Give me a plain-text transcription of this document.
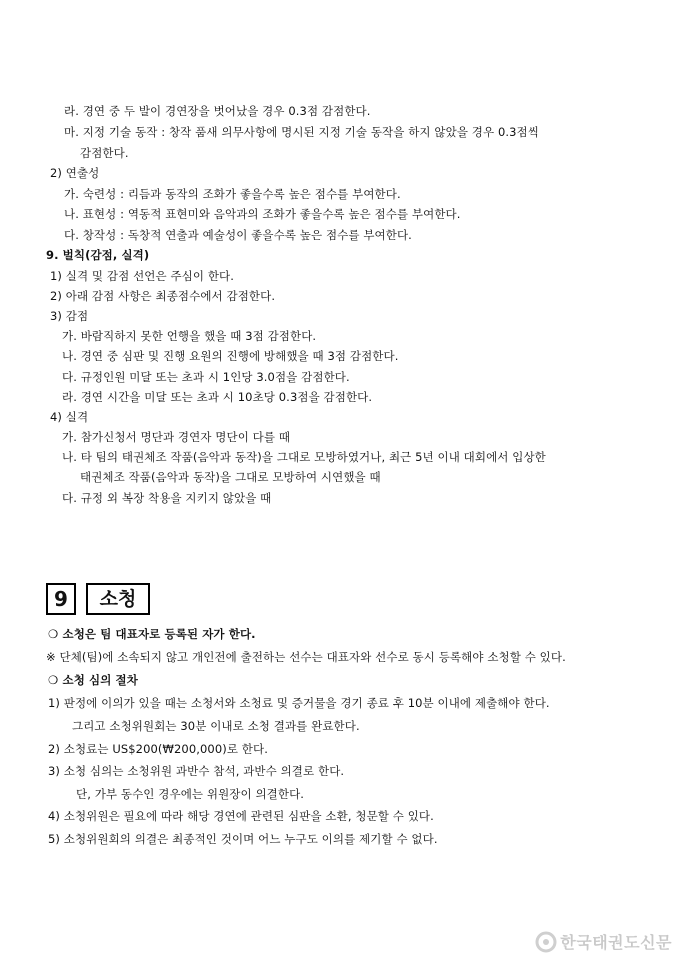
라. 경연 중 두 발이 경연장을 벗어났을 경우 0.3점 감점한다.
마. 지정 기술 동작 : 창작 품새 의무사항에 명시된 지정 기술 동작을 하지 않았을 경우 0.3점씩
감점한다.
2) 연출성
가. 숙련성 : 리듬과 동작의 조화가 좋을수록 높은 점수를 부여한다.
나. 표현성 : 역동적 표현미와 음악과의 조화가 좋을수록 높은 점수를 부여한다.
다. 창작성 : 독창적 연출과 예술성이 좋을수록 높은 점수를 부여한다.
9. 벌칙(감점, 실격)
1) 실격 및 감점 선언은 주심이 한다.
2) 아래 감점 사항은 최종점수에서 감점한다.
3) 감점
가. 바람직하지 못한 언행을 했을 때 3점 감점한다.
나. 경연 중 심판 및 진행 요원의 진행에 방해했을 때 3점 감점한다.
다. 규정인원 미달 또는 초과 시 1인당 3.0점을 감점한다.
라. 경연 시간을 미달 또는 초과 시 10초당 0.3점을 감점한다.
4) 실격
가. 참가신청서 명단과 경연자 명단이 다를 때
나. 타 팀의 태권체조 작품(음악과 동작)을 그대로 모방하였거나, 최근 5년 이내 대회에서 입상한
태권체조 작품(음악과 동작)을 그대로 모방하여 시연했을 때
다. 규정 외 복장 착용을 지키지 않았을 때
9	소청
❍ 소청은 팀 대표자로 등록된 자가 한다.
※ 단체(팀)에 소속되지 않고 개인전에 출전하는 선수는 대표자와 선수로 동시 등록해야 소청할 수 있다.
❍ 소청 심의 절차
1) 판정에 이의가 있을 때는 소청서와 소청료 및 증거물을 경기 종료 후 10분 이내에 제출해야 한다.
그리고 소청위원회는 30분 이내로 소청 결과를 완료한다.
2) 소청료는 US$200(₩200,000)로 한다.
3) 소청 심의는 소청위원 과반수 참석, 과반수 의결로 한다.
단, 가부 동수인 경우에는 위원장이 의결한다.
4) 소청위원은 필요에 따라 해당 경연에 관련된 심판을 소환, 청문할 수 있다.
5) 소청위원회의 의결은 최종적인 것이며 어느 누구도 이의를 제기할 수 없다.
한국태권도신문
